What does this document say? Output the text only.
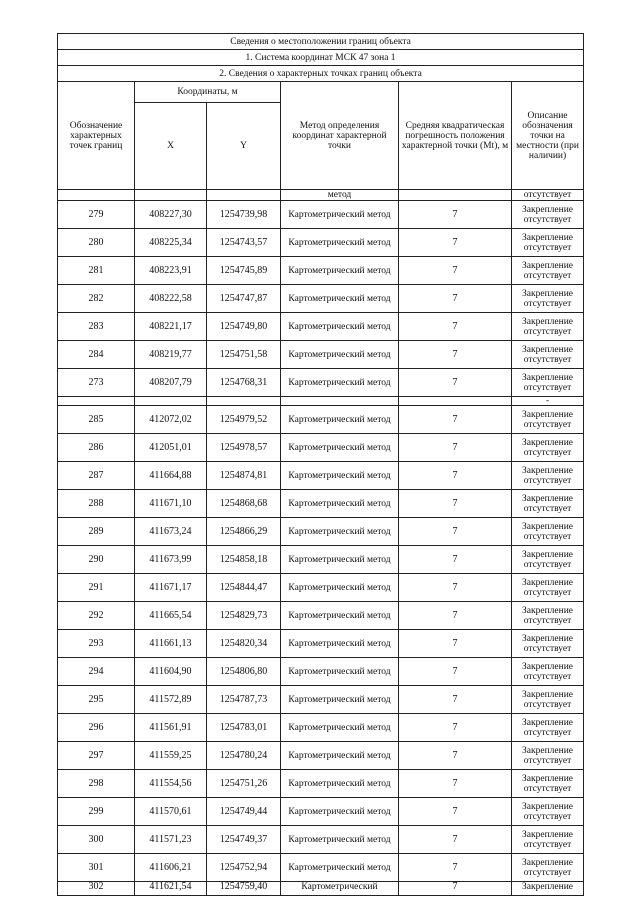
Сведения о местоположении границ объекта					
1. Система координат МСК 47 зона 1					
2. Сведения о характерных точках границ объекта					
Обозначение характерных точек границ	Координаты, м		Метод определения координат характерной точки	Средняя квадратическая погрешность положения характерной точки (Mt), м	Описание обозначения точки на местности (при наличии)
	X	Y			
			метод		отсутствует
279	408227,30	1254739,98	Картометрический метод	7	Закрепление отсутствует
280	408225,34	1254743,57	Картометрический метод	7	Закрепление отсутствует
281	408223,91	1254745,89	Картометрический метод	7	Закрепление отсутствует
282	408222,58	1254747,87	Картометрический метод	7	Закрепление отсутствует
283	408221,17	1254749,80	Картометрический метод	7	Закрепление отсутствует
284	408219,77	1254751,58	Картометрический метод	7	Закрепление отсутствует
273	408207,79	1254768,31	Картометрический метод	7	Закрепление отсутствует
					-
285	412072,02	1254979,52	Картометрический метод	7	Закрепление отсутствует
286	412051,01	1254978,57	Картометрический метод	7	Закрепление отсутствует
287	411664,88	1254874,81	Картометрический метод	7	Закрепление отсутствует
288	411671,10	1254868,68	Картометрический метод	7	Закрепление отсутствует
289	411673,24	1254866,29	Картометрический метод	7	Закрепление отсутствует
290	411673,99	1254858,18	Картометрический метод	7	Закрепление отсутствует
291	411671,17	1254844,47	Картометрический метод	7	Закрепление отсутствует
292	411665,54	1254829,73	Картометрический метод	7	Закрепление отсутствует
293	411661,13	1254820,34	Картометрический метод	7	Закрепление отсутствует
294	411604,90	1254806,80	Картометрический метод	7	Закрепление отсутствует
295	411572,89	1254787,73	Картометрический метод	7	Закрепление отсутствует
296	411561,91	1254783,01	Картометрический метод	7	Закрепление отсутствует
297	411559,25	1254780,24	Картометрический метод	7	Закрепление отсутствует
298	411554,56	1254751,26	Картометрический метод	7	Закрепление отсутствует
299	411570,61	1254749,44	Картометрический метод	7	Закрепление отсутствует
300	411571,23	1254749,37	Картометрический метод	7	Закрепление отсутствует
301	411606,21	1254752,94	Картометрический метод	7	Закрепление отсутствует
302	411621,54	1254759,40	Картометрический	7	Закрепление
